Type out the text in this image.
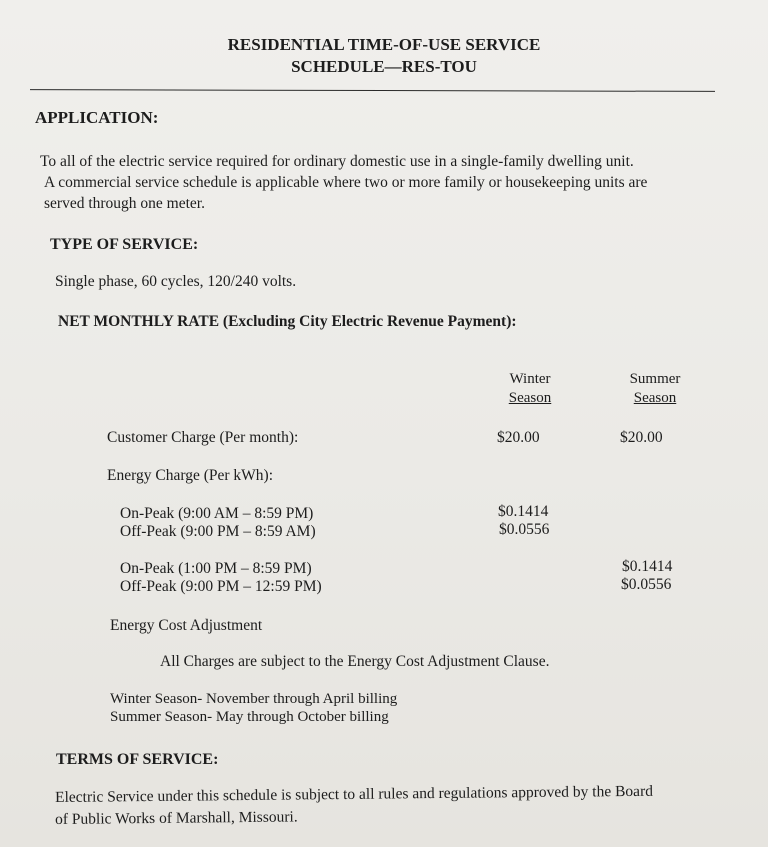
RESIDENTIAL TIME-OF-USE SERVICE
SCHEDULE—RES-TOU
APPLICATION:
To all of the electric service required for ordinary domestic use in a single-family dwelling unit.
A commercial service schedule is applicable where two or more family or housekeeping units are
served through one meter.
TYPE OF SERVICE:
Single phase, 60 cycles, 120/240 volts.
NET MONTHLY RATE (Excluding City Electric Revenue Payment):
Winter
Season
Summer
Season
Customer Charge (Per month):	$20.00	$20.00
Energy Charge (Per kWh):
On-Peak (9:00 AM – 8:59 PM)
Off-Peak (9:00 PM – 8:59 AM)
$0.1414
$0.0556
On-Peak (1:00 PM – 8:59 PM)
Off-Peak (9:00 PM – 12:59 PM)
$0.1414
$0.0556
Energy Cost Adjustment
All Charges are subject to the Energy Cost Adjustment Clause.
Winter Season- November through April billing
Summer Season- May through October billing
TERMS OF SERVICE:
Electric Service under this schedule is subject to all rules and regulations approved by the Board
of Public Works of Marshall, Missouri.
